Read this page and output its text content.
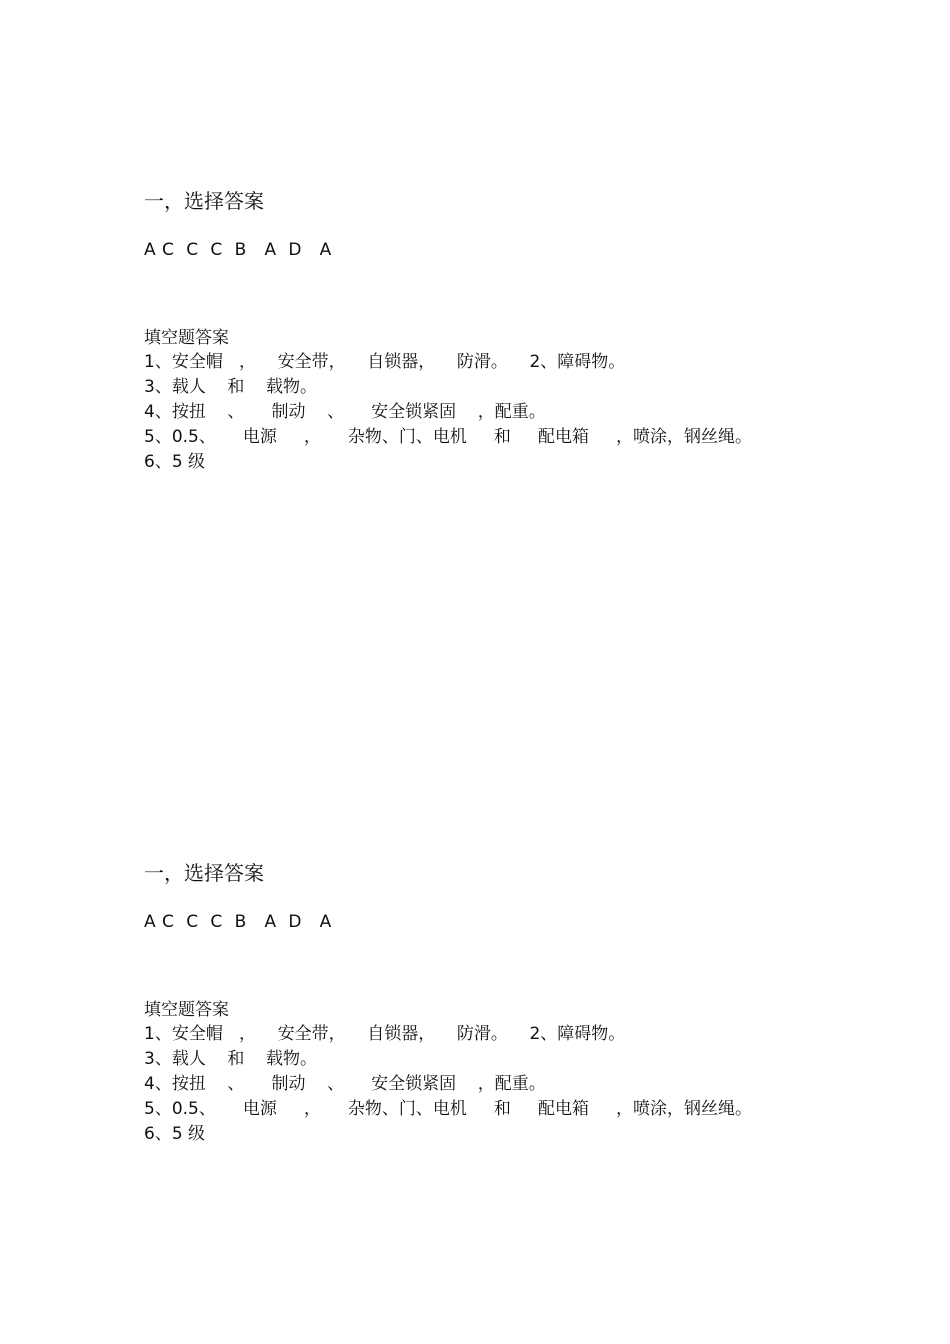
一，选择答案
A C  C  C  B   A  D   A
填空题答案
1、安全帽   ，    安全带，    自锁器，    防滑。    2、障碍物。
3、载人    和    载物。
4、按扭    、     制动    、     安全锁紧固    ，配重。
5、0.5、     电源     ，     杂物、门、电机     和     配电箱     ，喷涂，钢丝绳。
6、5 级
一，选择答案
A C  C  C  B   A  D   A
填空题答案
1、安全帽   ，    安全带，    自锁器，    防滑。    2、障碍物。
3、载人    和    载物。
4、按扭    、     制动    、     安全锁紧固    ，配重。
5、0.5、     电源     ，     杂物、门、电机     和     配电箱     ，喷涂，钢丝绳。
6、5 级
